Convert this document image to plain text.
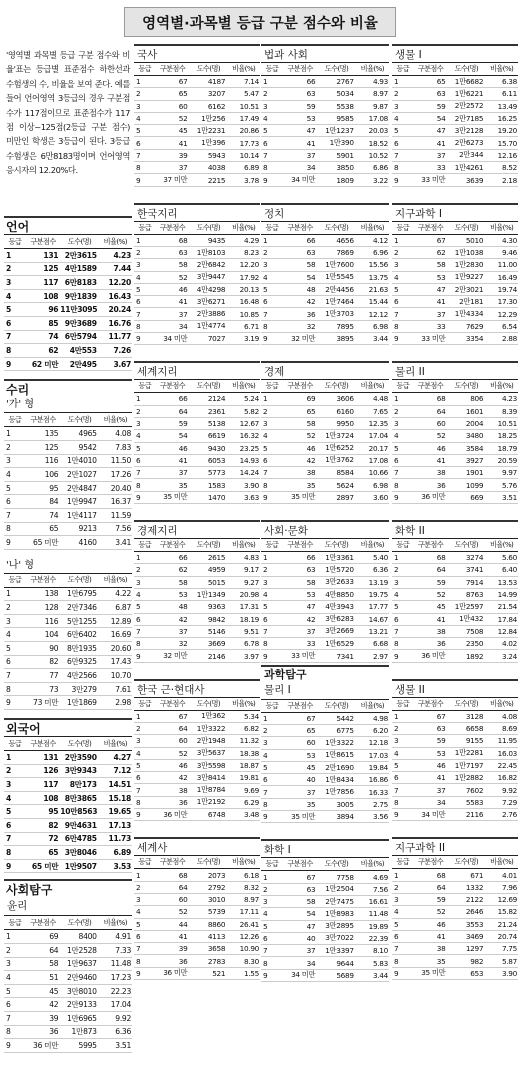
영역별·과목별 등급 구분 점수와 비율
'영역별 과목별 등급 구분 점수와 비율'표는 등급별 표준점수 하한선과 수험생의 수, 비율을 보여 준다. 예를 들어 언어영역 3등급의 경우 구분점수가 117점이므로 표준점수가 117점 이상~125점(2등급 구분 점수) 미만인 학생은 3등급이 된다. 3등급 수험생은 6만8183명이며 언어영역 응시자의 12.20%다.
언어
등급	구분점수	도수(명)	비율(%)
1	131	2만3615	4.23
2	125	4만1589	7.44
3	117	6만8183	12.20
4	108	9만1839	16.43
5	96	11만3095	20.24
6	85	9만3689	16.76
7	74	6만5794	11.77
8	62	4만553	7.26
9	62 미만	2만495	3.67
수리
'가' 형
등급	구분점수	도수(명)	비율(%)
1	135	4965	4.08
2	125	9542	7.83
3	116	1만4010	11.50
4	106	2만1027	17.26
5	95	2만4847	20.40
6	84	1만9947	16.37
7	74	1만4117	11.59
8	65	9213	7.56
9	65 미만	4160	3.41
'나' 형
등급	구분점수	도수(명)	비율(%)
1	138	1만6795	4.22
2	128	2만7346	6.87
3	116	5만1255	12.89
4	104	6만6402	16.69
5	90	8만1935	20.60
6	82	6만9325	17.43
7	77	4만2566	10.70
8	73	3만279	7.61
9	73 미만	1만1869	2.98
외국어
등급	구분점수	도수(명)	비율(%)
1	131	2만3590	4.27
2	126	3만9343	7.12
3	117	8만173	14.51
4	108	8만3865	15.18
5	95	10만8563	19.65
6	82	9만4631	17.13
7	72	6만4785	11.73
8	65	3만8046	6.89
9	65 미만	1만9507	3.53
사회탐구
윤리
등급	구분점수	도수(명)	비율(%)
1	69	8400	4.91
2	64	1만2528	7.33
3	58	1만9637	11.48
4	51	2만9460	17.23
5	45	3만8010	22.23
6	42	2만9133	17.04
7	39	1만6965	9.92
8	36	1만873	6.36
9	36 미만	5995	3.51
국사
등급	구분점수	도수(명)	비율(%)
1	67	4187	7.14
2	65	3207	5.47
3	60	6162	10.51
4	52	1만256	17.49
5	45	1만2231	20.86
6	41	1만396	17.73
7	39	5943	10.14
8	37	4038	6.89
9	37 미만	2215	3.78
한국지리
등급	구분점수	도수(명)	비율(%)
1	68	9435	4.29
2	63	1만8103	8.23
3	58	2만6842	12.20
4	52	3만9447	17.92
5	46	4만4298	20.13
6	41	3만6271	16.48
7	37	2만3886	10.85
8	34	1만4774	6.71
9	34 미만	7027	3.19
세계지리
등급	구분점수	도수(명)	비율(%)
1	66	2124	5.24
2	64	2361	5.82
3	59	5138	12.67
4	54	6619	16.32
5	46	9430	23.25
6	41	6053	14.93
7	37	5773	14.24
8	35	1583	3.90
9	35 미만	1470	3.63
경제지리
등급	구분점수	도수(명)	비율(%)
1	66	2615	4.83
2	62	4959	9.17
3	58	5015	9.27
4	53	1만1349	20.98
5	48	9363	17.31
6	42	9842	18.19
7	37	5146	9.51
8	32	3669	6.78
9	32 미만	2146	3.97
한국 근·현대사
등급	구분점수	도수(명)	비율(%)
1	67	1만362	5.34
2	64	1만3322	6.82
3	60	2만1948	11.32
4	52	3만5637	18.38
5	46	3만5598	18.87
6	42	3만8414	19.81
7	38	1만8784	9.69
8	36	1만2192	6.29
9	36 미만	6748	3.48
세계사
등급	구분점수	도수(명)	비율(%)
1	68	2073	6.18
2	64	2792	8.32
3	60	3010	8.97
4	52	5739	17.11
5	44	8860	26.41
6	41	4113	12.26
7	39	3658	10.90
8	36	2783	8.30
9	36 미만	521	1.55
법과 사회
등급	구분점수	도수(명)	비율(%)
1	66	2767	4.93
2	63	5034	8.97
3	59	5538	9.87
4	53	9585	17.08
5	47	1만1237	20.03
6	41	1만390	18.52
7	37	5901	10.52
8	34	3850	6.86
9	34 미만	1809	3.22
정치
등급	구분점수	도수(명)	비율(%)
1	66	4656	4.12
2	63	7869	6.96
3	58	1만7600	15.56
4	54	1만5545	13.75
5	48	2만4456	21.63
6	42	1만7464	15.44
7	36	1만3703	12.12
8	32	7895	6.98
9	32 미만	3895	3.44
경제
등급	구분점수	도수(명)	비율(%)
1	69	3606	4.48
2	65	6160	7.65
3	58	9950	12.35
4	52	1만3724	17.04
5	46	1만6252	20.17
6	42	1만3762	17.08
7	38	8584	10.66
8	35	5624	6.98
9	35 미만	2897	3.60
사회·문화
등급	구분점수	도수(명)	비율(%)
1	66	1만3361	5.40
2	63	1만5720	6.36
3	58	3만2633	13.19
4	53	4만8850	19.75
5	47	4만3943	17.77
6	42	3만6283	14.67
7	37	3만2669	13.21
8	33	1만6529	6.68
9	33 미만	7341	2.97
과학탐구
물리 I
등급	구분점수	도수(명)	비율(%)
1	67	5442	4.98
2	65	6775	6.20
3	60	1만3322	12.18
4	53	1만8615	17.03
5	45	2만1690	19.84
6	40	1만8434	16.86
7	37	1만7856	16.33
8	35	3005	2.75
9	35 미만	3894	3.56
화학 I
등급	구분점수	도수(명)	비율(%)
1	67	7758	4.69
2	63	1만2504	7.56
3	58	2만7475	16.61
4	54	1만8983	11.48
5	47	3만2895	19.89
6	40	3만7022	22.39
7	37	1만3397	8.10
8	34	9644	5.83
9	34 미만	5689	3.44
생물 I
등급	구분점수	도수(명)	비율(%)
1	65	1만6682	6.38
2	63	1만6221	6.11
3	59	2만2572	13.49
4	54	2만7185	16.25
5	47	3만2128	19.20
6	41	2만6273	15.70
7	37	2만344	12.16
8	33	1만4261	8.52
9	33 미만	3639	2.18
지구과학 I
등급	구분점수	도수(명)	비율(%)
1	67	5010	4.30
2	62	1만1038	9.46
3	58	1만2830	11.00
4	53	1만9227	16.49
5	47	2만3021	19.74
6	41	2만181	17.30
7	37	1만4334	12.29
8	33	7629	6.54
9	33 미만	3354	2.88
물리 II
등급	구분점수	도수(명)	비율(%)
1	68	806	4.23
2	64	1601	8.39
3	60	2004	10.51
4	52	3480	18.25
5	46	3584	18.79
6	41	3927	20.59
7	38	1901	9.97
8	36	1099	5.76
9	36 미만	669	3.51
화학 II
등급	구분점수	도수(명)	비율(%)
1	68	3274	5.60
2	64	3741	6.40
3	59	7914	13.53
4	52	8763	14.99
5	45	1만2597	21.54
6	41	1만432	17.84
7	38	7508	12.84
8	36	2350	4.02
9	36 미만	1892	3.24
생물 II
등급	구분점수	도수(명)	비율(%)
1	67	3128	4.08
2	63	6658	8.69
3	59	9155	11.95
4	53	1만2281	16.03
5	46	1만7197	22.45
6	41	1만2882	16.82
7	37	7602	9.92
8	34	5583	7.29
9	34 미만	2116	2.76
지구과학 II
등급	구분점수	도수(명)	비율(%)
1	68	671	4.01
2	64	1332	7.96
3	59	2122	12.69
4	52	2646	15.82
5	46	3553	21.24
6	41	3469	20.74
7	38	1297	7.75
8	35	982	5.87
9	35 미만	653	3.90
